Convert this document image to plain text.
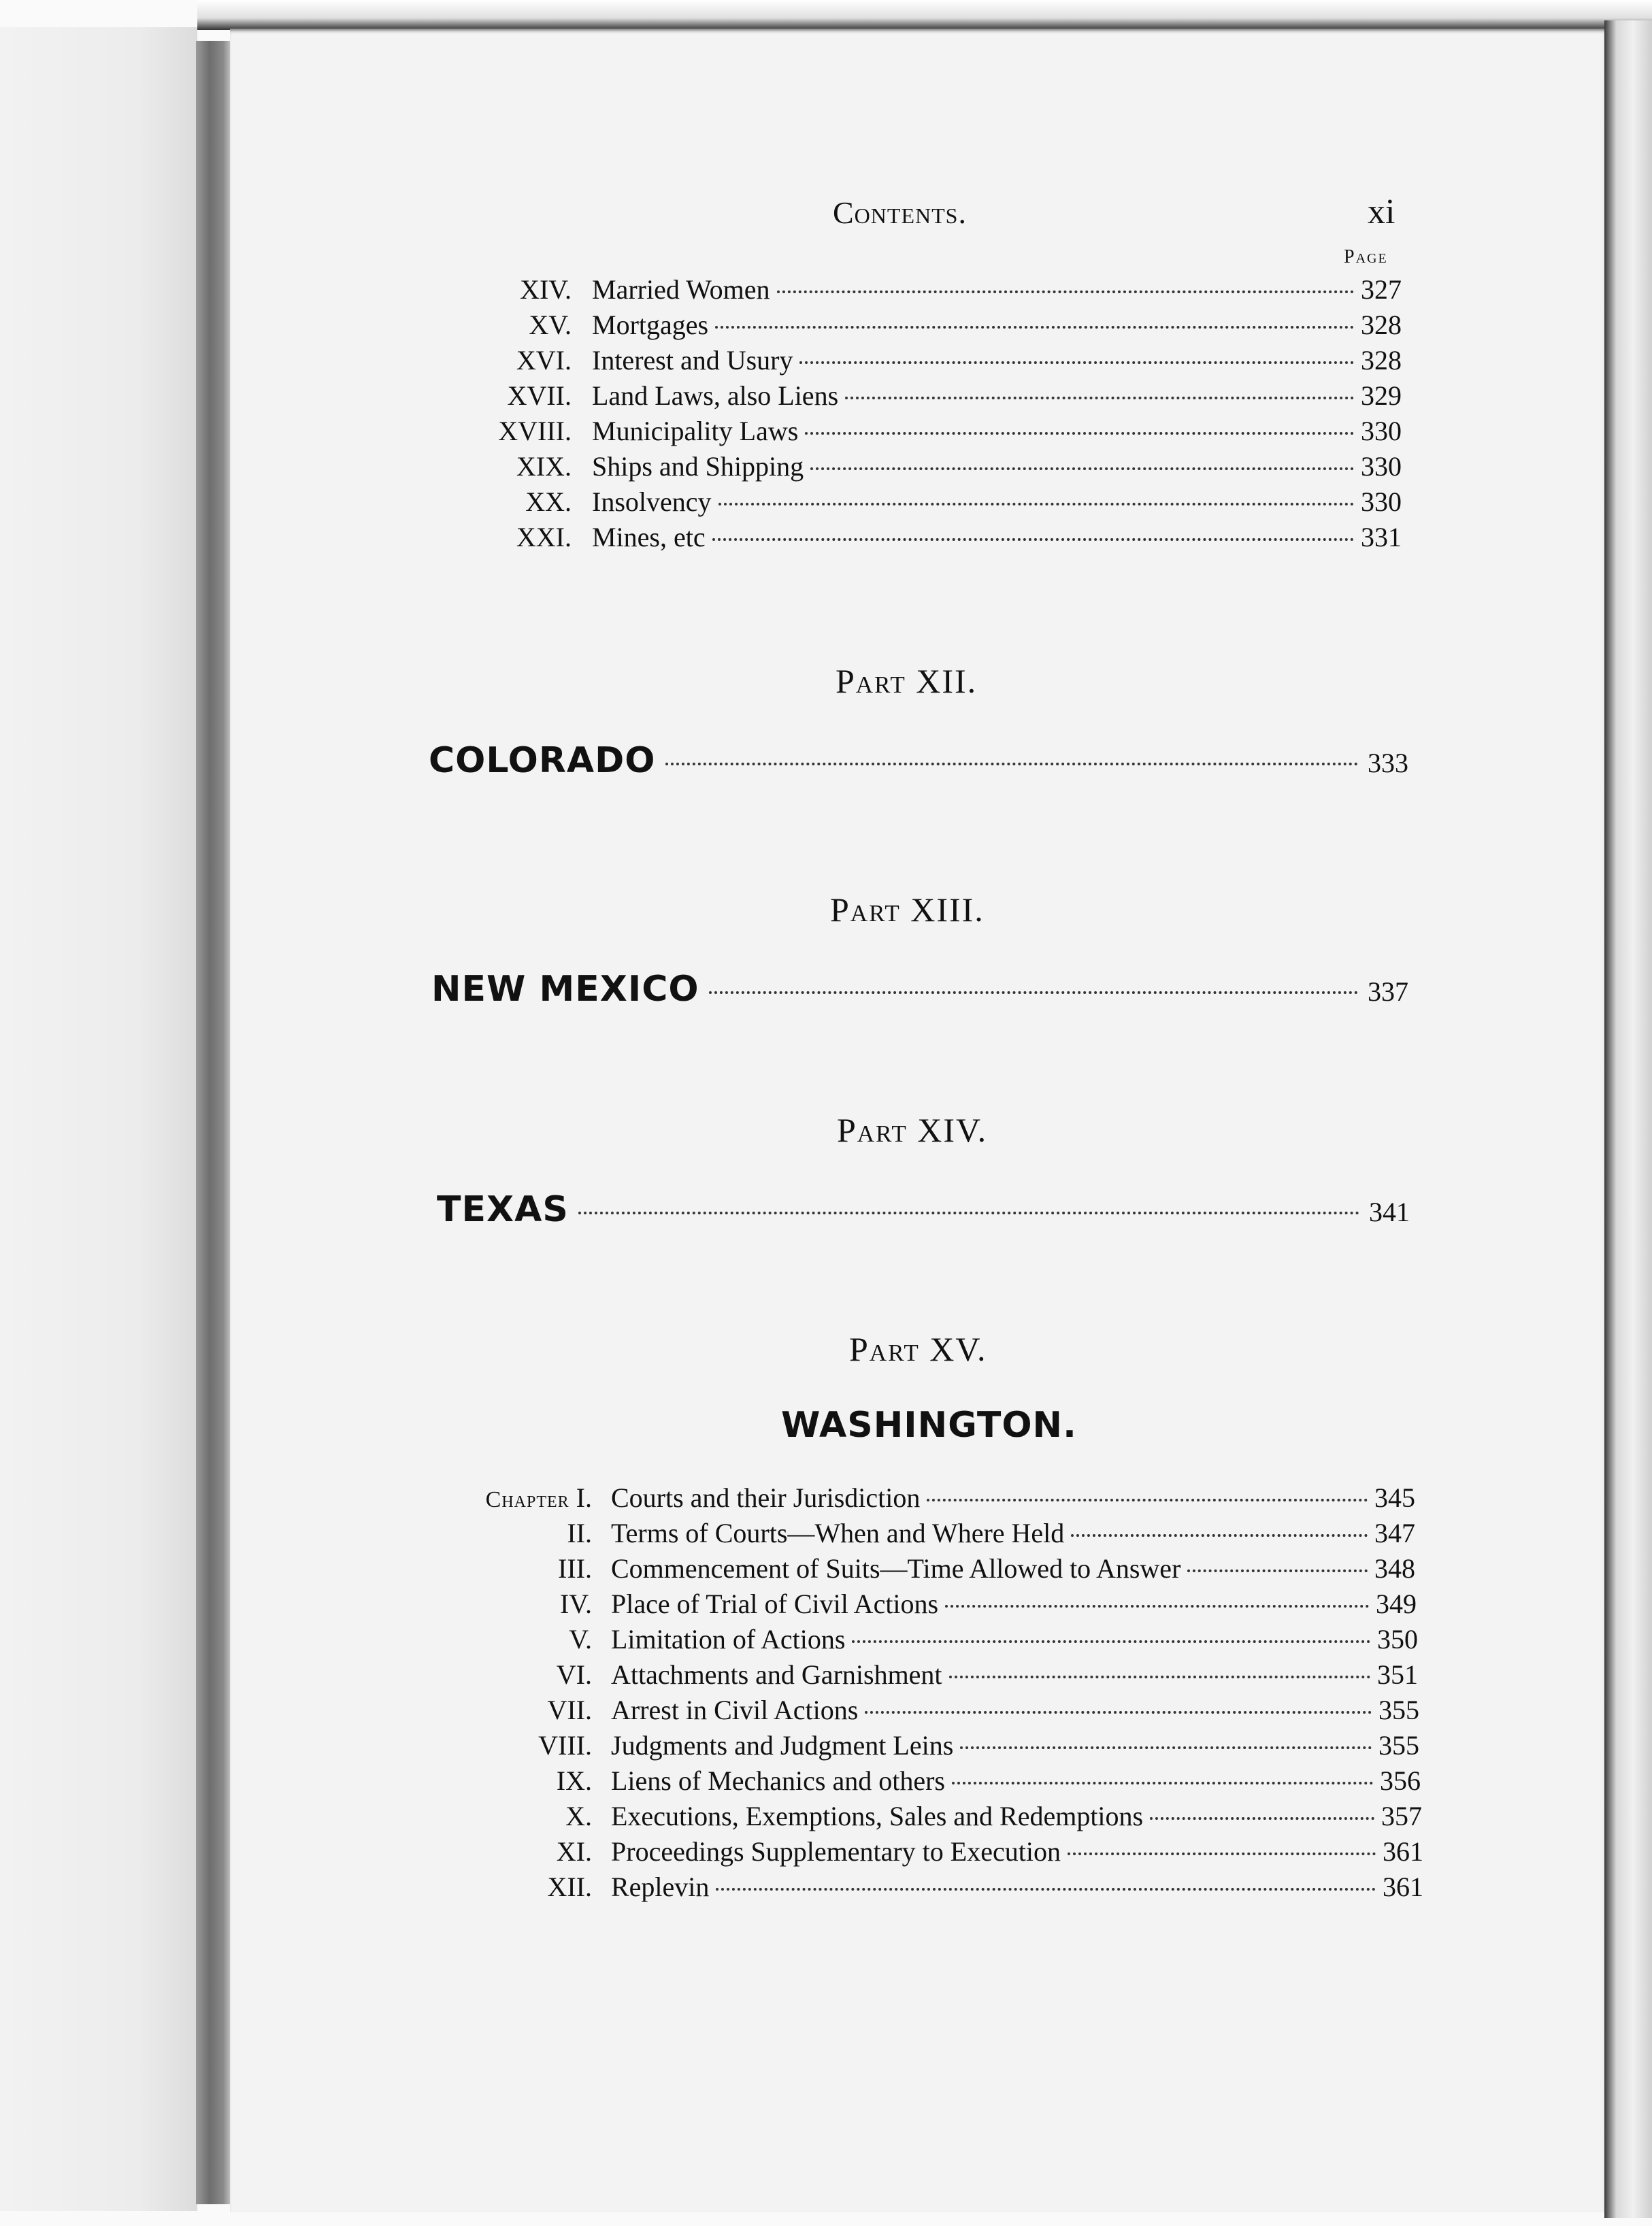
Contents.	xi
Page
XIV. Married Women	327
XV. Mortgages	328
XVI. Interest and Usury	328
XVII. Land Laws, also Liens	329
XVIII. Municipality Laws	330
XIX. Ships and Shipping	330
XX. Insolvency	330
XXI. Mines, etc	331
Part XII.
COLORADO	333
Part XIII.
NEW MEXICO	337
Part XIV.
TEXAS	341
Part XV.
WASHINGTON.
Chapter I. Courts and their Jurisdiction	345
II. Terms of Courts—When and Where Held	347
III. Commencement of Suits—Time Allowed to Answer	348
IV. Place of Trial of Civil Actions	349
V. Limitation of Actions	350
VI. Attachments and Garnishment	351
VII. Arrest in Civil Actions	355
VIII. Judgments and Judgment Leins	355
IX. Liens of Mechanics and others	356
X. Executions, Exemptions, Sales and Redemptions	357
XI. Proceedings Supplementary to Execution	361
XII. Replevin	361
